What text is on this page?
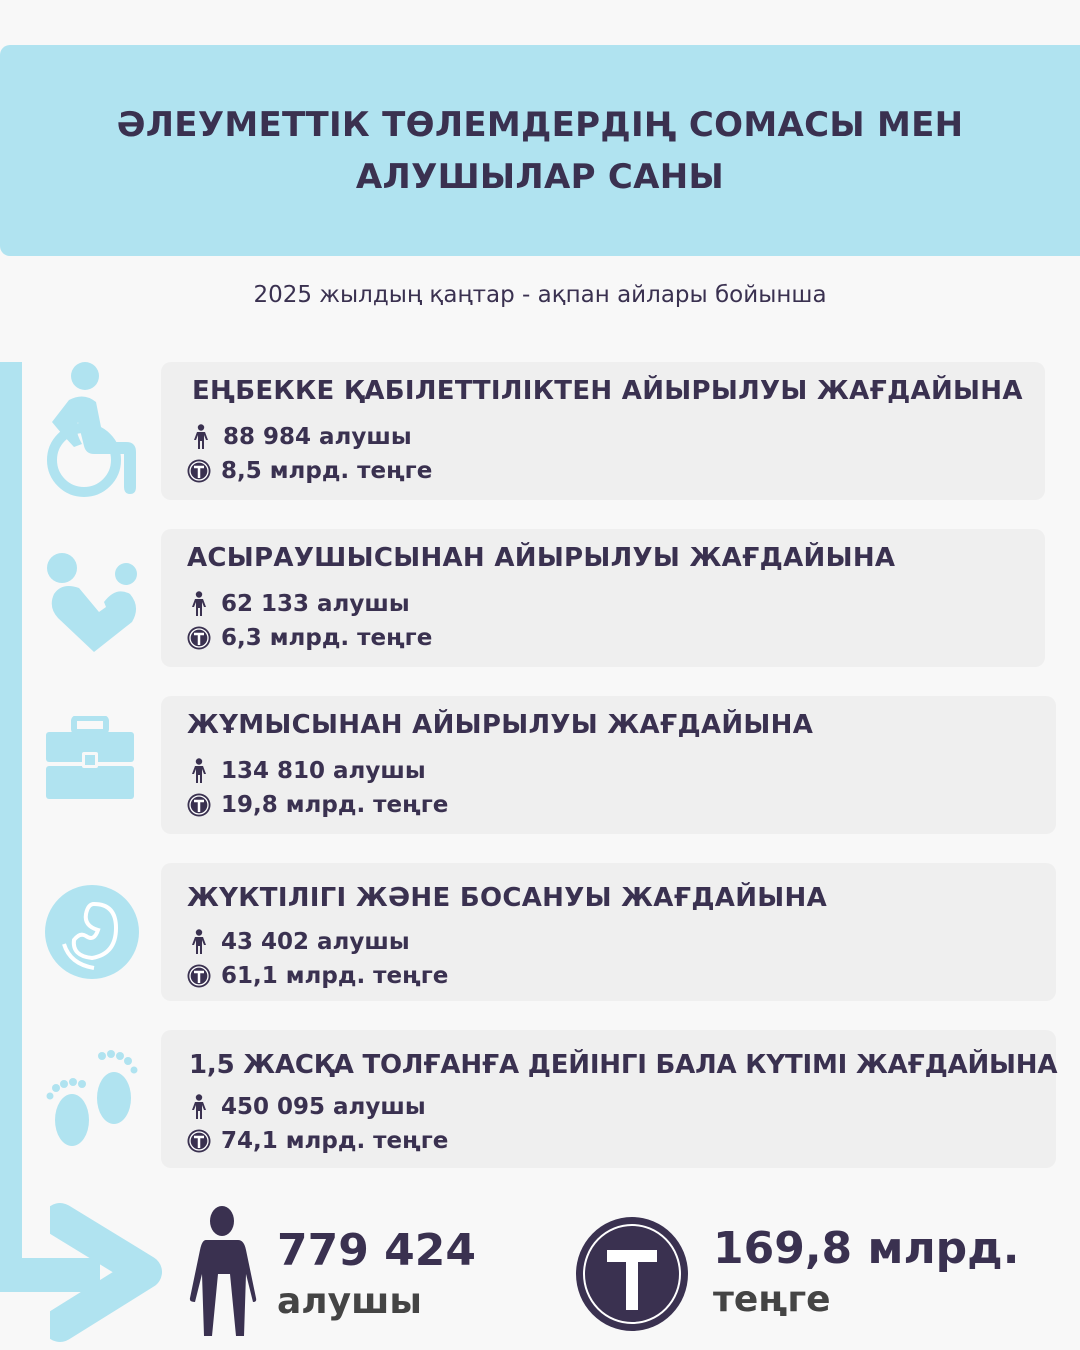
ӘЛЕУМЕТТІК ТӨЛЕМДЕРДІҢ СОМАСЫ МЕН
АЛУШЫЛАР САНЫ
2025 жылдың қаңтар - ақпан айлары бойынша
ЕҢБЕККЕ ҚАБІЛЕТТІЛІКТЕН АЙЫРЫЛУЫ ЖАҒДАЙЫНА
88 984 алушы
8,5 млрд. теңге
АСЫРАУШЫСЫНАН АЙЫРЫЛУЫ ЖАҒДАЙЫНА
62 133 алушы
6,3 млрд. теңге
ЖҰМЫСЫНАН АЙЫРЫЛУЫ ЖАҒДАЙЫНА
134 810 алушы
19,8 млрд. теңге
ЖҮКТІЛІГІ ЖӘНЕ БОСАНУЫ ЖАҒДАЙЫНА
43 402 алушы
61,1 млрд. теңге
1,5 ЖАСҚА ТОЛҒАНҒА ДЕЙІНГІ БАЛА КҮТІМІ ЖАҒДАЙЫНА
450 095 алушы
74,1 млрд. теңге
779 424
алушы
169,8 млрд.
теңге
